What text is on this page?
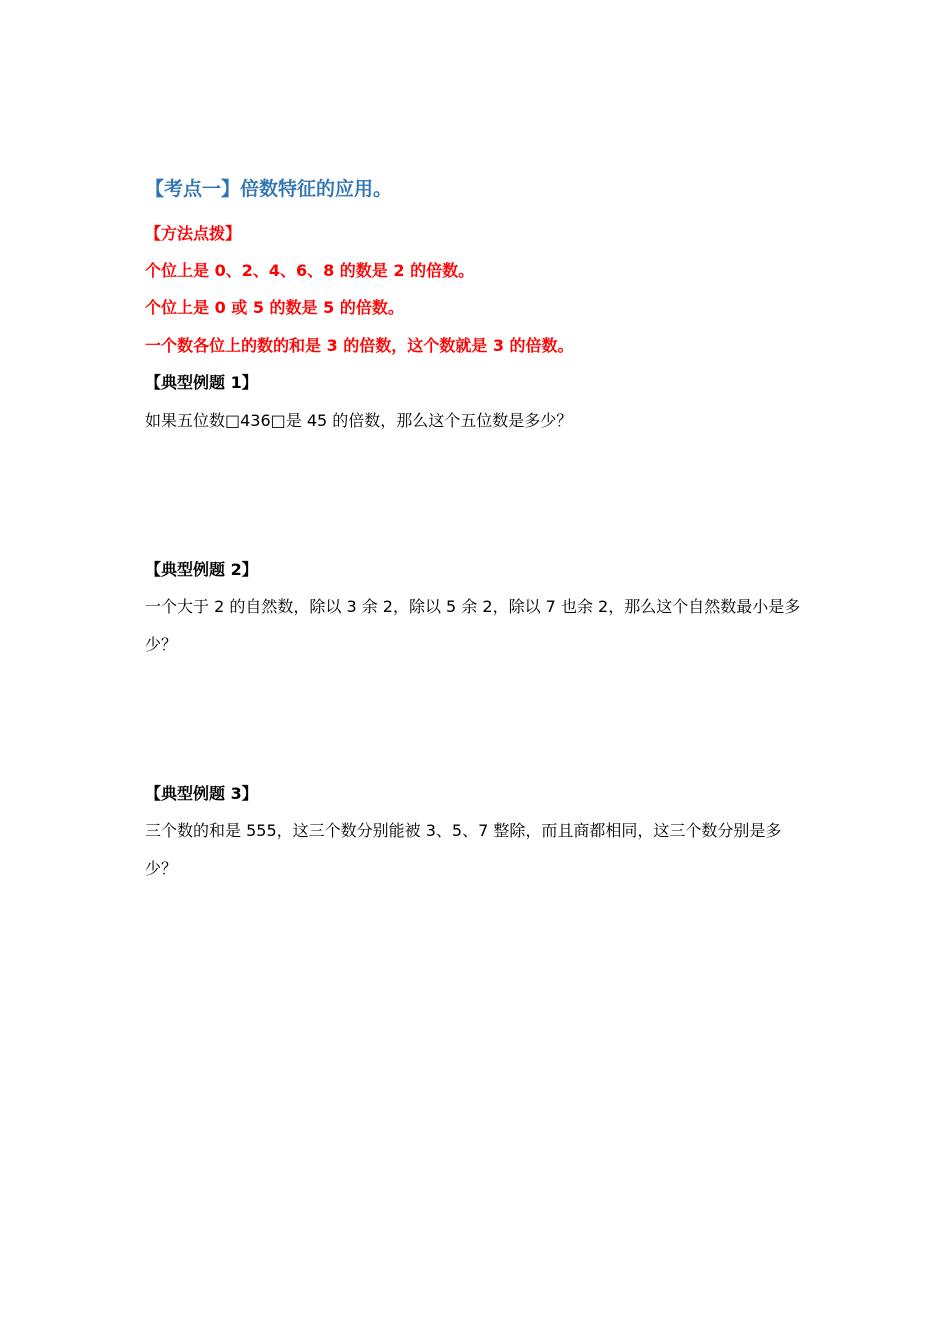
【考点一】倍数特征的应用。
【方法点拨】
个位上是 0、2、4、6、8 的数是 2 的倍数。
个位上是 0 或 5 的数是 5 的倍数。
一个数各位上的数的和是 3 的倍数，这个数就是 3 的倍数。
【典型例题 1】
如果五位数□436□是 45 的倍数，那么这个五位数是多少？
【典型例题 2】
一个大于 2 的自然数，除以 3 余 2，除以 5 余 2，除以 7 也余 2，那么这个自然数最小是多少？
【典型例题 3】
三个数的和是 555，这三个数分别能被 3、5、7 整除，而且商都相同，这三个数分别是多少？
